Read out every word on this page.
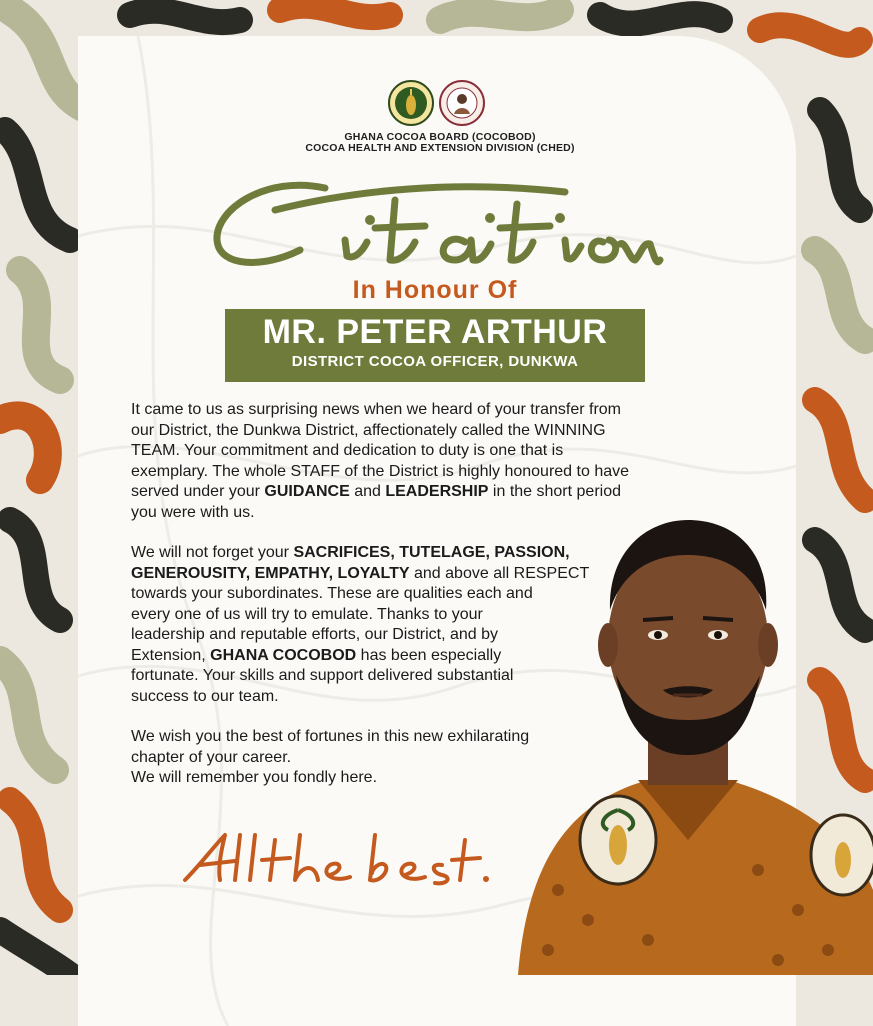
GHANA COCOA BOARD (COCOBOD)
COCOA HEALTH AND EXTENSION DIVISION (CHED)
In Honour Of
MR. PETER ARTHUR
DISTRICT COCOA OFFICER, DUNKWA

It came to us as surprising news when we heard of your transfer from
our District, the Dunkwa District, affectionately called the WINNING
TEAM. Your commitment and dedication to duty is one that is
exemplary. The whole STAFF of the District is highly honoured to have
served under your GUIDANCE and LEADERSHIP in the short period
you were with us.

We will not forget your SACRIFICES, TUTELAGE, PASSION,
GENEROUSITY, EMPATHY, LOYALTY and above all RESPECT
towards your subordinates. These are qualities each and
every one of us will try to emulate. Thanks to your
leadership and reputable efforts, our District, and by
Extension, GHANA COCOBOD has been especially
fortunate. Your skills and support delivered substantial
success to our team.

We wish you the best of fortunes in this new exhilarating
chapter of your career.
We will remember you fondly here.
